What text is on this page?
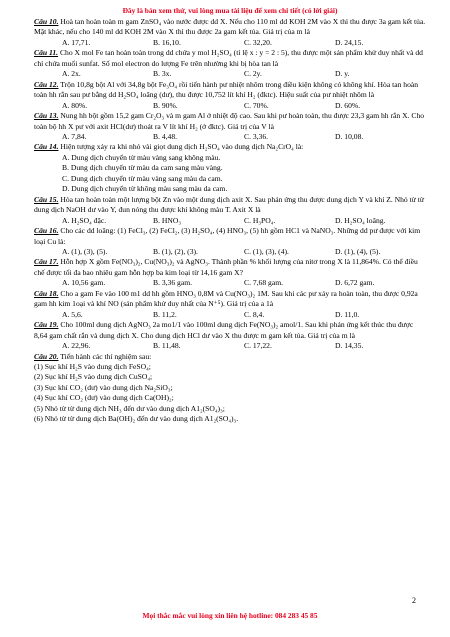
Đây là bản xem thử, vui lòng mua tài liệu để xem chi tiết (có lời giải)

Câu 10. Hoà tan hoàn toàn m gam ZnSO₄ vào nước được dd X. Nếu cho 110 ml dd KOH 2M vào X thì thu được 3a gam kết tủa. Mặt khác, nếu cho 140 ml dd KOH 2M vào X thì thu được 2a gam kết tủa. Giá trị của m là

A. 17,71.	B. 16,10.	C. 32,20.	D. 24,15.

Câu 11. Cho X mol Fe tan hoàn toàn trong dd chứa y mol H₂SO₄ (tỉ lệ x : y = 2 : 5), thu được một sản phẩm khử duy nhất và dd chỉ chứa muối sunfat. Số mol electron do lượng Fe trên nhường khi bị hòa tan là

A. 2x.	B. 3x.	C. 2y.	D. y.

Câu 12. Trộn 10,8g bột Al với 34,8g bột Fe₃O₄ rồi tiến hành pư nhiệt nhôm trong điều kiện không có không khí. Hòa tan hoàn toàn hh rắn sau pư bằng dd H₂SO₄ loãng (dư), thu được 10,752 lít khí H₂ (đktc). Hiệu suất của pư nhiệt nhôm là

A. 80%.	B. 90%.	C. 70%.	D. 60%.

Câu 13. Nung hh bột gồm 15,2 gam Cr₂O₃ và m gam Al ở nhiệt độ cao. Sau khi pư hoàn toàn, thu được 23,3 gam hh rắn X. Cho toàn bộ hh X pư với axit HCl(dư) thoát ra V lít khí H₂ (ở đktc). Giá trị của V là

A. 7,84.	B. 4,48.	C. 3,36.	D. 10,08.

Câu 14. Hiện tượng xảy ra khi nhỏ vài giọt dung dịch H₂SO₄ vào dung dịch Na₂CrO₄ là:

A. Dung dịch chuyển từ màu vàng sang không màu.

B. Dung dịch chuyển từ màu da cam sang màu vàng.

C. Dung dịch chuyển từ màu vàng sang màu da cam.

D. Dung dịch chuyển từ không màu sang màu da cam.

Câu 15. Hòa tan hoàn toàn một lượng bột Zn vào một dung dịch axit X. Sau phản ứng thu được dung dịch Y và khí Z. Nhỏ từ từ dung dịch NaOH dư vào Y, đun nóng thu được khí không màu T. Axit X là

A. H₂SO₄ đặc.	B. HNO₃	C. H₃PO₄.	D. H₂SO₄ loãng.

Câu 16. Cho các dd loãng: (1) FeCl₃, (2) FeCl₂, (3) H₂SO₄, (4) HNO₃, (5) hh gồm HC1 và NaNO₃. Những dd pư được với kim loại Cu là:

A. (1), (3), (5).	B. (1), (2), (3).	C. (1), (3), (4).	D. (1), (4), (5).

Câu 17. Hỗn hợp X gồm Fe(NO₃)₂, Cu(NO₃)₂ và AgNO₃. Thành phần % khối lượng của nitơ trong X là 11,864%. Có thể điều chế được tối đa bao nhiêu gam hỗn hợp ba kim loại từ 14,16 gam X?

A. 10,56 gam.	B. 3,36 gam.	C. 7,68 gam.	D. 6,72 gam.

Câu 18. Cho a gam Fe vào 100 m1 dd hh gồm HNO₃ 0,8M và Cu(NO₃)₂ 1M. Sau khi các pư xảy ra hoàn toàn, thu được 0,92a gam hh kim 1oại và khí NO (sản phẩm khử duy nhất của N⁺⁵). Giá trị của a 1à

A. 5,6.	B. 11,2.	C. 8,4.	D. 11,0.

Câu 19. Cho 100ml dung dịch AgNO₃ 2a mo1/1 vào 100ml dung dịch Fe(NO₃)₂ amol/1. Sau khi phản ứng kết thúc thu được 8,64 gam chất rắn và dung dịch X. Cho dung dịch HCl dư vào X thu được m gam kết tủa. Giá trị của m là

A. 22,96.	B. 11,48.	C. 17,22.	D. 14,35.

Câu 20. Tiến hành các thí nghiệm sau:

(1) Sục khí H₂S vào dung dịch FeSO₄;

(2) Sục khí H₂S vào dung dịch CuSO₄;

(3) Sục khí CO₂ (dư) vào dung dịch Na₂SiO₃;

(4) Sục khí CO₂ (dư) vào dung dịch Ca(OH)₂;

(5) Nhỏ từ từ dung dịch NH₃ đến dư vào dung dịch A1₂(SO₄)₃;

(6) Nhỏ từ từ dung dịch Ba(OH)₂ đến dư vào dung dịch A1₂(SO₄)₃.

2
Mọi thắc mắc vui lòng xin liên hệ hotline: 084 283 45 85
